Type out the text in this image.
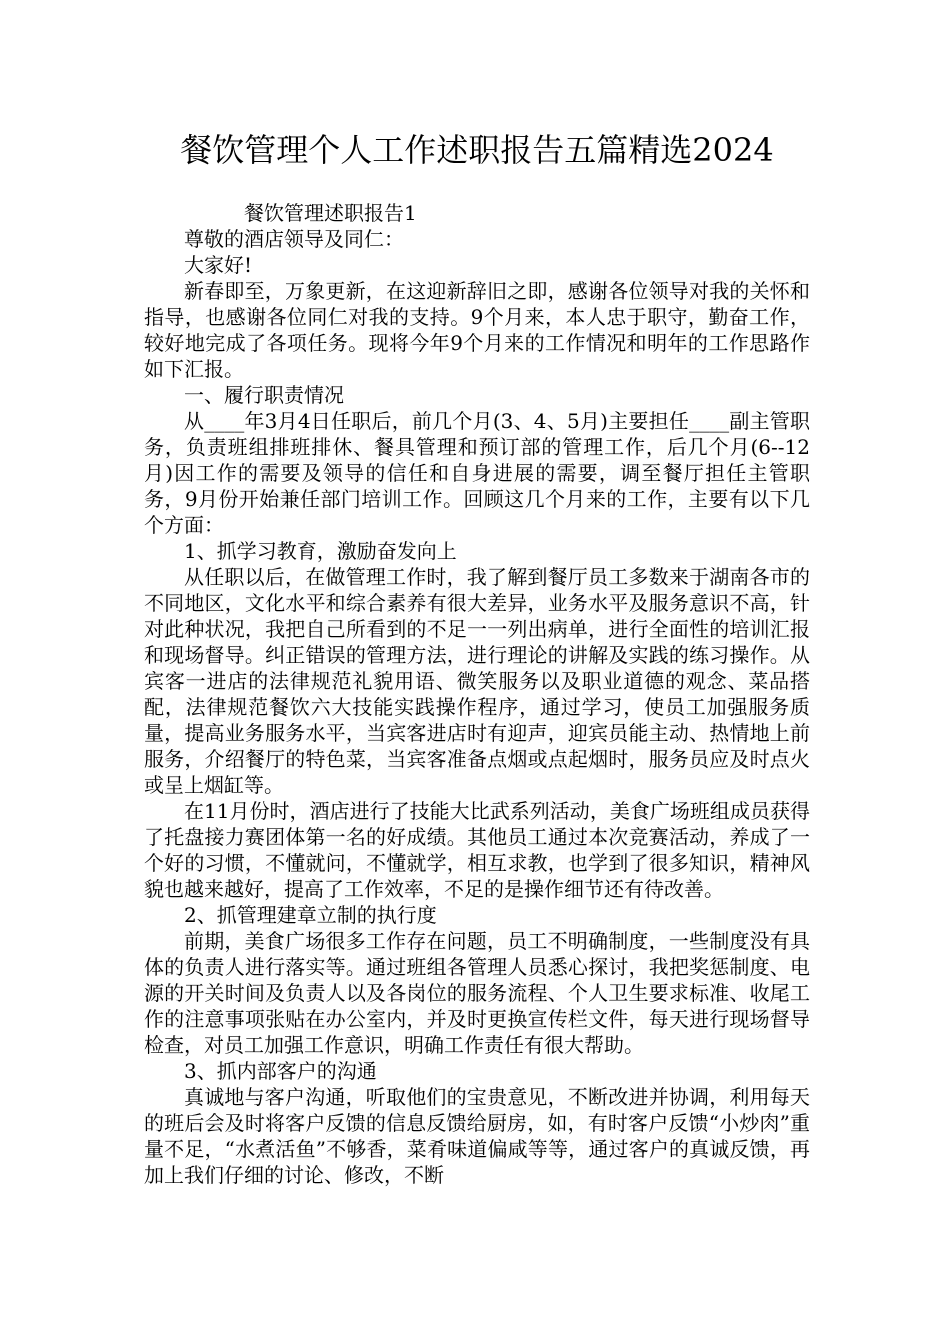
餐饮管理个人工作述职报告五篇精选2024

餐饮管理述职报告1

尊敬的酒店领导及同仁：

大家好!

新春即至，万象更新，在这迎新辞旧之即，感谢各位领导对我的关怀和指导，也感谢各位同仁对我的支持。9个月来，本人忠于职守，勤奋工作，较好地完成了各项任务。现将今年9个月来的工作情况和明年的工作思路作如下汇报。

一、履行职责情况

从____年3月4日任职后，前几个月(3、4、5月)主要担任____副主管职务，负责班组排班排休、餐具管理和预订部的管理工作，后几个月(6--12月)因工作的需要及领导的信任和自身进展的需要，调至餐厅担任主管职务，9月份开始兼任部门培训工作。回顾这几个月来的工作，主要有以下几个方面：

1、抓学习教育，激励奋发向上

从任职以后，在做管理工作时，我了解到餐厅员工多数来于湖南各市的不同地区，文化水平和综合素养有很大差异，业务水平及服务意识不高，针对此种状况，我把自己所看到的不足一一列出病单，进行全面性的培训汇报和现场督导。纠正错误的管理方法，进行理论的讲解及实践的练习操作。从宾客一进店的法律规范礼貌用语、微笑服务以及职业道德的观念、菜品搭配，法律规范餐饮六大技能实践操作程序，通过学习，使员工加强服务质量，提高业务服务水平，当宾客进店时有迎声，迎宾员能主动、热情地上前服务，介绍餐厅的特色菜，当宾客准备点烟或点起烟时，服务员应及时点火或呈上烟缸等。

在11月份时，酒店进行了技能大比武系列活动，美食广场班组成员获得了托盘接力赛团体第一名的好成绩。其他员工通过本次竞赛活动，养成了一个好的习惯，不懂就问，不懂就学，相互求教，也学到了很多知识，精神风貌也越来越好，提高了工作效率，不足的是操作细节还有待改善。

2、抓管理建章立制的执行度

前期，美食广场很多工作存在问题，员工不明确制度，一些制度没有具体的负责人进行落实等。通过班组各管理人员悉心探讨，我把奖惩制度、电源的开关时间及负责人以及各岗位的服务流程、个人卫生要求标准、收尾工作的注意事项张贴在办公室内，并及时更换宣传栏文件，每天进行现场督导检查，对员工加强工作意识，明确工作责任有很大帮助。

3、抓内部客户的沟通

真诚地与客户沟通，听取他们的宝贵意见，不断改进并协调，利用每天的班后会及时将客户反馈的信息反馈给厨房，如，有时客户反馈“小炒肉”重量不足，“水煮活鱼”不够香，菜肴味道偏咸等等，通过客户的真诚反馈，再加上我们仔细的讨论、修改，不断
